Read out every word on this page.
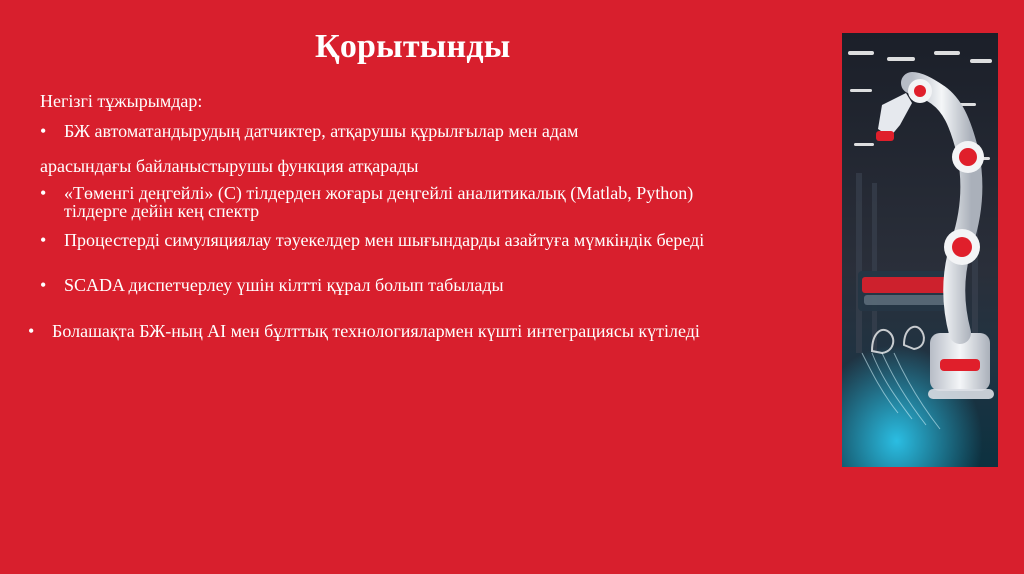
Қорытынды
Негізгі тұжырымдар:
• БЖ автоматандырудың датчиктер, атқарушы құрылғылар мен адам
арасындағы байланыстырушы функция атқарады
• «Төменгі деңгейлі» (С) тілдерден жоғары деңгейлі аналитикалық (Matlab, Python)
тілдерге дейін кең спектр
• Процестерді симуляциялау тәуекелдер мен шығындарды азайтуға мүмкіндік береді
• SCADA диспетчерлеу үшін кілтті құрал болып табылады
• Болашақта БЖ-ның AI мен бұлттық технологиялармен күшті интеграциясы күтіледі
